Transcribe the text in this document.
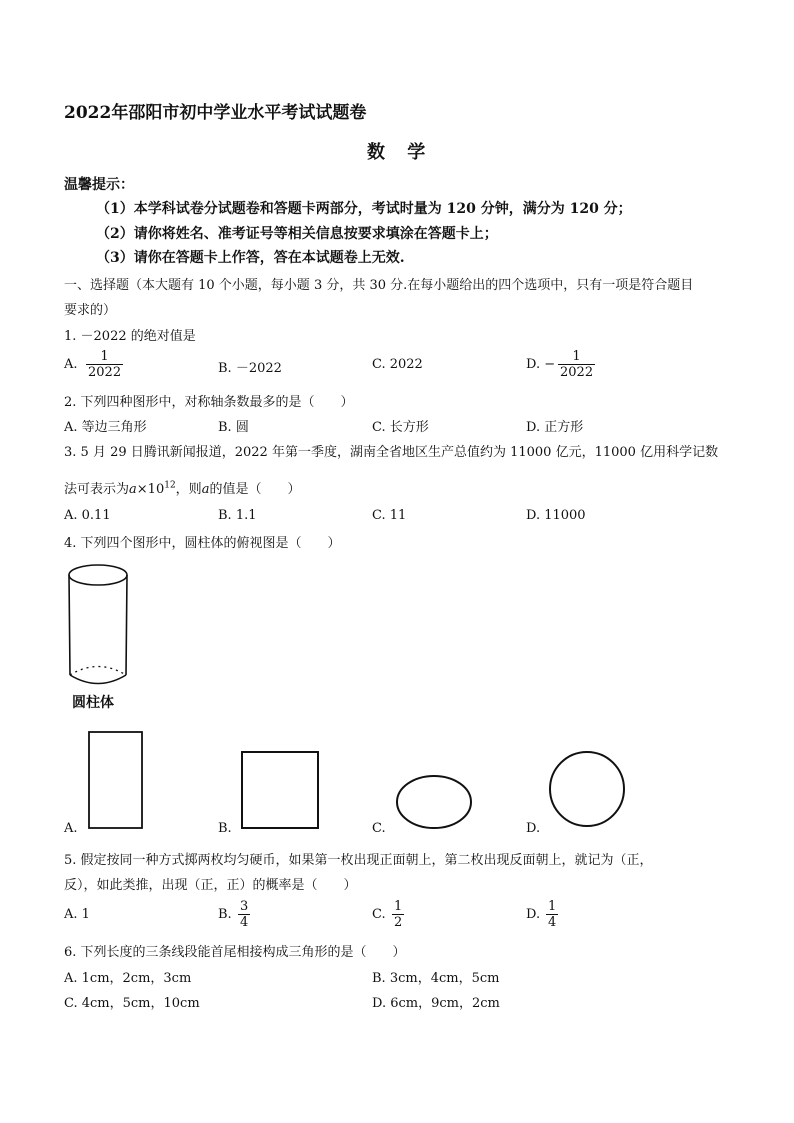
2022年邵阳市初中学业水平考试试题卷
数 学
温馨提示：
（1）本学科试卷分试题卷和答题卡两部分，考试时量为 120 分钟，满分为 120 分；
（2）请你将姓名、准考证号等相关信息按要求填涂在答题卡上；
（3）请你在答题卡上作答，答在本试题卷上无效.
一、选择题（本大题有 10 个小题，每小题 3 分，共 30 分.在每小题给出的四个选项中，只有一项是符合题目
要求的）
1. －2022 的绝对值是
A.
1
2022	B. －2022	C. 2022	D. −
1
2022
2. 下列四种图形中，对称轴条数最多的是（　　）
A. 等边三角形	B. 圆	C. 长方形	D. 正方形
3. 5 月 29 日腾讯新闻报道，2022 年第一季度，湖南全省地区生产总值约为 11000 亿元，11000 亿用科学记数
法可表示为$a\times 10^{12}$，则a的值是（　　）
A. 0.11	B. 1.1	C. 11	D. 11000
4. 下列四个图形中，圆柱体的俯视图是（　　）
圆柱体
A.	B.	C.	D.
5. 假定按同一种方式掷两枚均匀硬币，如果第一枚出现正面朝上，第二枚出现反面朝上，就记为（正，
反），如此类推，出现（正，正）的概率是（　　）
A. 1	B.
3
4
C.
1
2
D.
1
4
6. 下列长度的三条线段能首尾相接构成三角形的是（　　）
A. 1cm，2cm，3cm	B. 3cm，4cm，5cm
C. 4cm，5cm，10cm	D. 6cm，9cm，2cm
